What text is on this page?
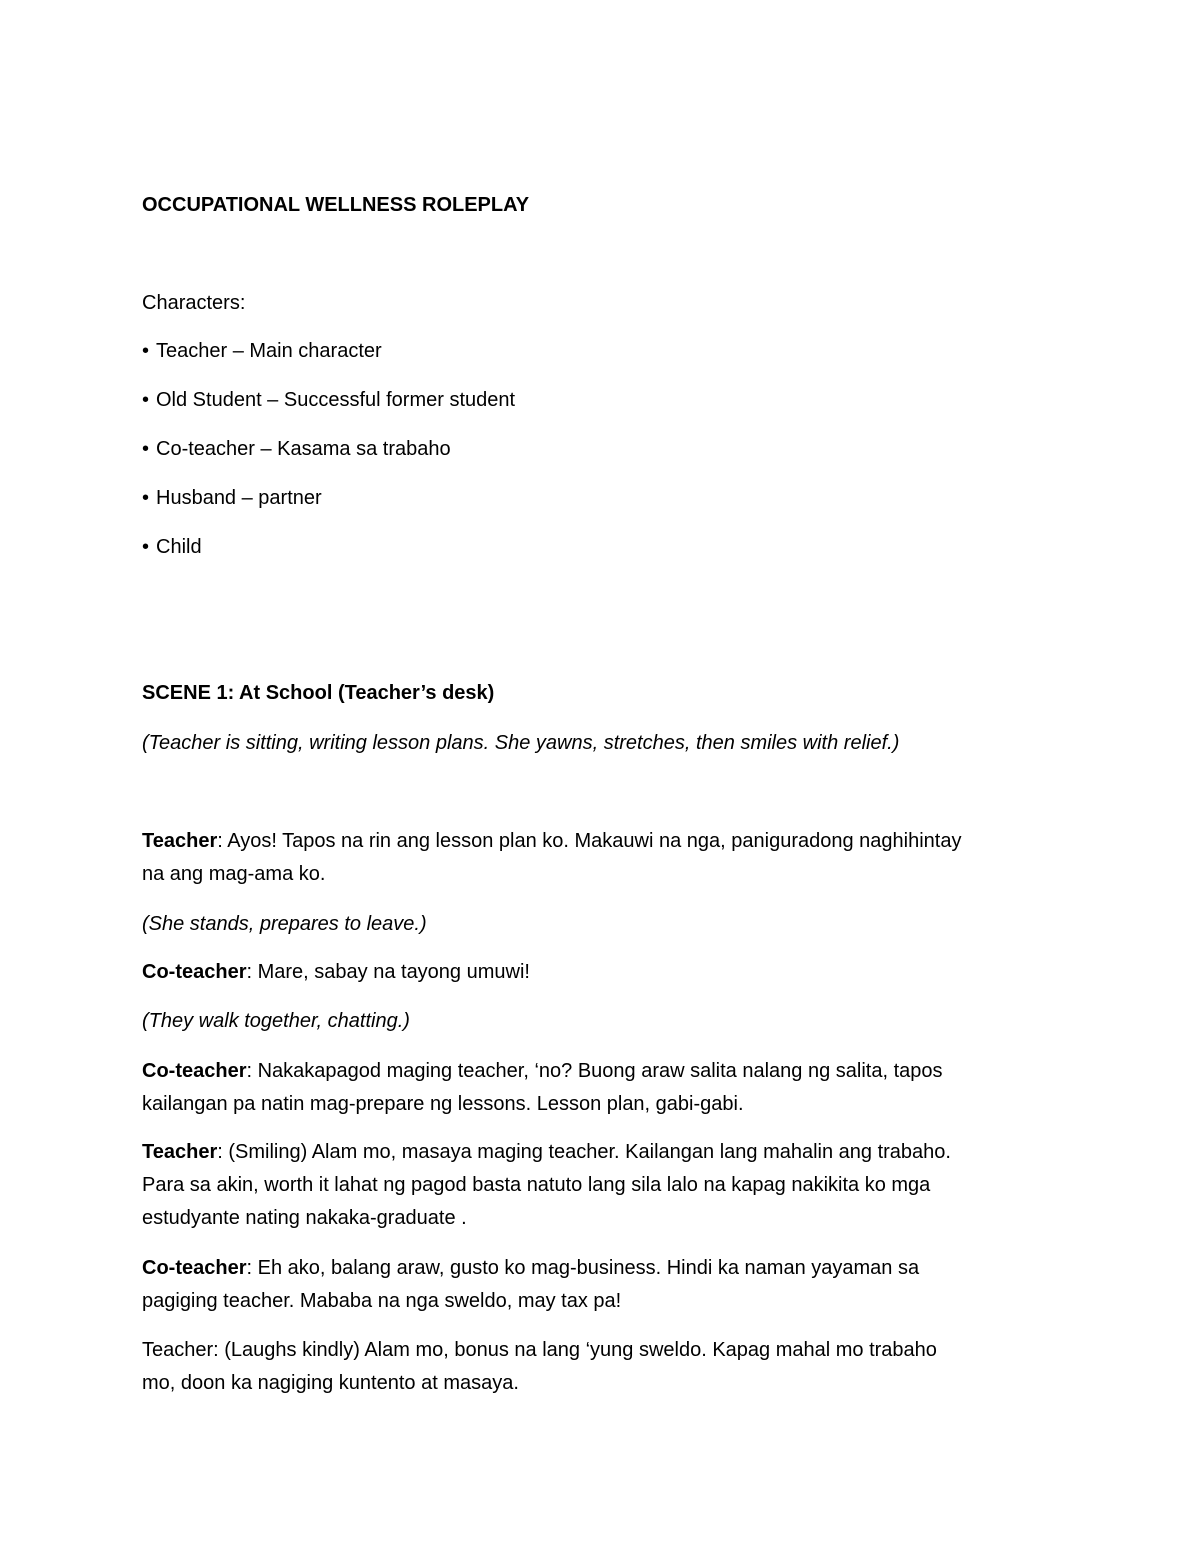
OCCUPATIONAL WELLNESS ROLEPLAY
Characters:
• Teacher – Main character
• Old Student – Successful former student
• Co-teacher – Kasama sa trabaho
• Husband – partner
• Child
SCENE 1: At School (Teacher’s desk)
(Teacher is sitting, writing lesson plans. She yawns, stretches, then smiles with relief.)
Teacher: Ayos! Tapos na rin ang lesson plan ko. Makauwi na nga, paniguradong naghihintay
na ang mag-ama ko.
(She stands, prepares to leave.)
Co-teacher: Mare, sabay na tayong umuwi!
(They walk together, chatting.)
Co-teacher: Nakakapagod maging teacher, ‘no? Buong araw salita nalang ng salita, tapos
kailangan pa natin mag-prepare ng lessons. Lesson plan, gabi-gabi.
Teacher: (Smiling) Alam mo, masaya maging teacher. Kailangan lang mahalin ang trabaho.
Para sa akin, worth it lahat ng pagod basta natuto lang sila lalo na kapag nakikita ko mga
estudyante nating nakaka-graduate .
Co-teacher: Eh ako, balang araw, gusto ko mag-business. Hindi ka naman yayaman sa
pagiging teacher. Mababa na nga sweldo, may tax pa!
Teacher: (Laughs kindly) Alam mo, bonus na lang ‘yung sweldo. Kapag mahal mo trabaho
mo, doon ka nagiging kuntento at masaya.
